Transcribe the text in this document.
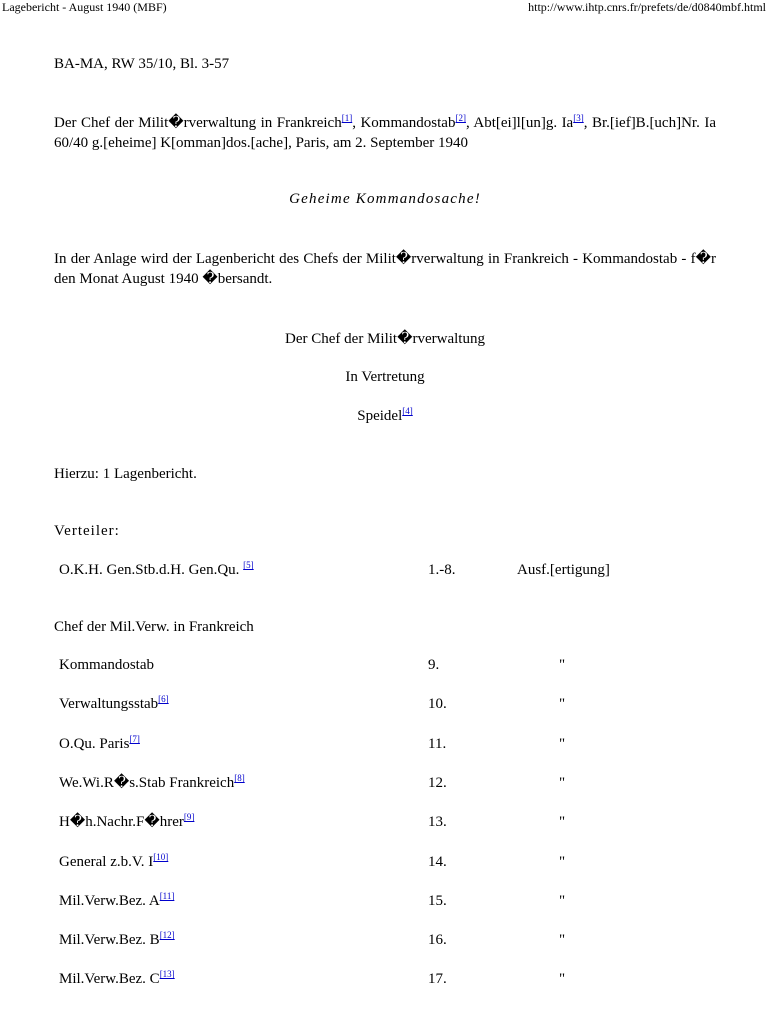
Lagebericht - August 1940 (MBF)	http://www.ihtp.cnrs.fr/prefets/de/d0840mbf.html
BA-MA, RW 35/10, Bl. 3-57
Der Chef der Milit�rverwaltung in Frankreich[1], Kommandostab[2], Abt[ei]l[un]g. Ia[3], Br.[ief]B.[uch]Nr. Ia 60/40 g.[eheime] K[omman]dos.[ache], Paris, am 2. September 1940
Geheime Kommandosache!
In der Anlage wird der Lagenbericht des Chefs der Milit�rverwaltung in Frankreich - Kommandostab - f�r den Monat August 1940 �bersandt.
Der Chef der Milit�rverwaltung
In Vertretung
Speidel[4]
Hierzu: 1 Lagenbericht.
Verteiler:
O.K.H. Gen.Stb.d.H. Gen.Qu. [5]	1.-8.	Ausf.[ertigung]
Chef der Mil.Verw. in Frankreich
Kommandostab	9.	"
Verwaltungsstab[6]	10.	"
O.Qu. Paris[7]	11.	"
We.Wi.R�s.Stab Frankreich[8]	12.	"
H�h.Nachr.F�hrer[9]	13.	"
General z.b.V. I[10]	14.	"
Mil.Verw.Bez. A[11]	15.	"
Mil.Verw.Bez. B[12]	16.	"
Mil.Verw.Bez. C[13]	17.	"
